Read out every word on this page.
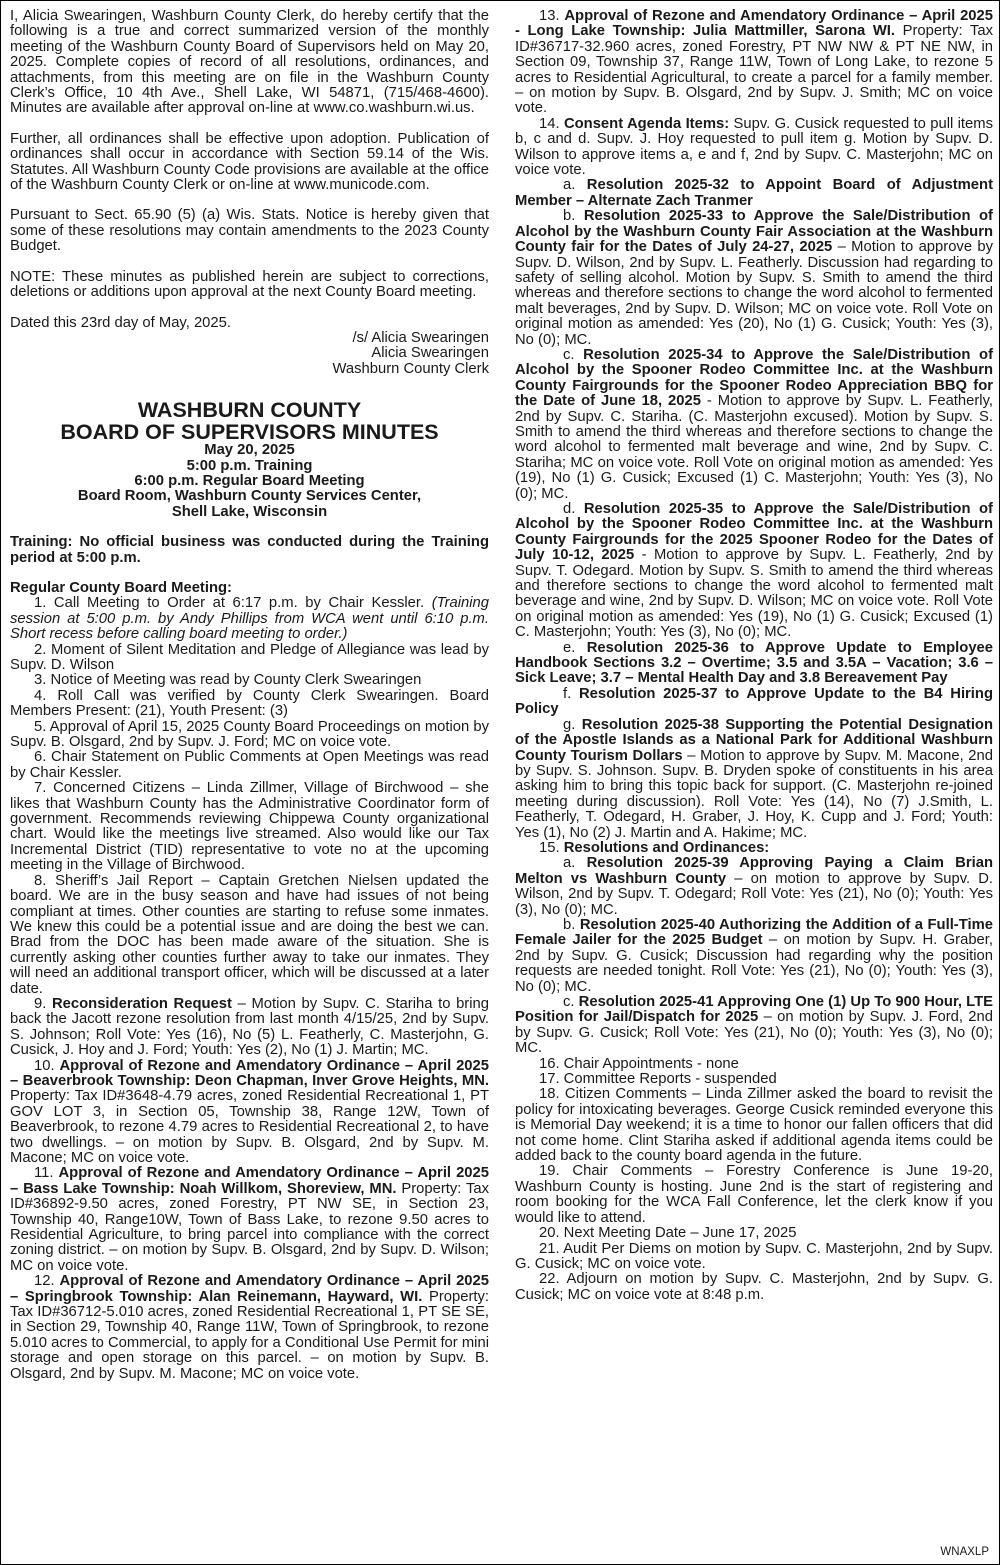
I, Alicia Swearingen, Washburn County Clerk, do hereby certify that the following is a true and correct summarized version of the monthly meeting of the Washburn County Board of Supervisors held on May 20, 2025. Complete copies of record of all resolutions, ordinances, and attachments, from this meeting are on file in the Washburn County Clerk’s Office, 10 4th Ave., Shell Lake, WI 54871, (715/468-4600). Minutes are available after approval on-line at www.co.washburn.wi.us.

Further, all ordinances shall be effective upon adoption. Publication of ordinances shall occur in accordance with Section 59.14 of the Wis. Statutes. All Washburn County Code provisions are available at the office of the Washburn County Clerk or on-line at www.municode.com.

Pursuant to Sect. 65.90 (5) (a) Wis. Stats. Notice is hereby given that some of these resolutions may contain amendments to the 2023 County Budget.

NOTE: These minutes as published herein are subject to corrections, deletions or additions upon approval at the next County Board meeting.

Dated this 23rd day of May, 2025.

/s/ Alicia Swearingen

Alicia Swearingen

Washburn County Clerk

WASHBURN COUNTY
BOARD OF SUPERVISORS MINUTES

May 20, 2025

5:00 p.m. Training

6:00 p.m. Regular Board Meeting

Board Room, Washburn County Services Center,

Shell Lake, Wisconsin

Training: No official business was conducted during the Training period at 5:00 p.m.

Regular County Board Meeting:

1. Call Meeting to Order at 6:17 p.m. by Chair Kessler. (Training session at 5:00 p.m. by Andy Phillips from WCA went until 6:10 p.m. Short recess before calling board meeting to order.)

2. Moment of Silent Meditation and Pledge of Allegiance was lead by Supv. D. Wilson

3. Notice of Meeting was read by County Clerk Swearingen

4. Roll Call was verified by County Clerk Swearingen. Board Members Present: (21), Youth Present: (3)

5. Approval of April 15, 2025 County Board Proceedings on motion by Supv. B. Olsgard, 2nd by Supv. J. Ford; MC on voice vote.

6. Chair Statement on Public Comments at Open Meetings was read by Chair Kessler.

7. Concerned Citizens – Linda Zillmer, Village of Birchwood – she likes that Washburn County has the Administrative Coordinator form of government. Recommends reviewing Chippewa County organizational chart. Would like the meetings live streamed. Also would like our Tax Incremental District (TID) representative to vote no at the upcoming meeting in the Village of Birchwood.

8. Sheriff’s Jail Report – Captain Gretchen Nielsen updated the board. We are in the busy season and have had issues of not being compliant at times. Other counties are starting to refuse some inmates. We knew this could be a potential issue and are doing the best we can. Brad from the DOC has been made aware of the situation. She is currently asking other counties further away to take our inmates. They will need an additional transport officer, which will be discussed at a later date.

9. Reconsideration Request – Motion by Supv. C. Stariha to bring back the Jacott rezone resolution from last month 4/15/25, 2nd by Supv. S. Johnson; Roll Vote: Yes (16), No (5) L. Featherly, C. Masterjohn, G. Cusick, J. Hoy and J. Ford; Youth: Yes (2), No (1) J. Martin; MC.

10. Approval of Rezone and Amendatory Ordinance – April 2025 – Beaverbrook Township: Deon Chapman, Inver Grove Heights, MN. Property: Tax ID#3648-4.79 acres, zoned Residential Recreational 1, PT GOV LOT 3, in Section 05, Township 38, Range 12W, Town of Beaverbrook, to rezone 4.79 acres to Residential Recreational 2, to have two dwellings. – on motion by Supv. B. Olsgard, 2nd by Supv. M. Macone; MC on voice vote.

11. Approval of Rezone and Amendatory Ordinance – April 2025 – Bass Lake Township: Noah Willkom, Shoreview, MN. Property: Tax ID#36892-9.50 acres, zoned Forestry, PT NW SE, in Section 23, Township 40, Range10W, Town of Bass Lake, to rezone 9.50 acres to Residential Agriculture, to bring parcel into compliance with the correct zoning district. – on motion by Supv. B. Olsgard, 2nd by Supv. D. Wilson; MC on voice vote.

12. Approval of Rezone and Amendatory Ordinance – April 2025 – Springbrook Township: Alan Reinemann, Hayward, WI. Property: Tax ID#36712-5.010 acres, zoned Residential Recreational 1, PT SE SE, in Section 29, Township 40, Range 11W, Town of Springbrook, to rezone 5.010 acres to Commercial, to apply for a Conditional Use Permit for mini storage and open storage on this parcel. – on motion by Supv. B. Olsgard, 2nd by Supv. M. Macone; MC on voice vote.

13. Approval of Rezone and Amendatory Ordinance – April 2025 - Long Lake Township: Julia Mattmiller, Sarona WI. Property: Tax ID#36717-32.960 acres, zoned Forestry, PT NW NW & PT NE NW, in Section 09, Township 37, Range 11W, Town of Long Lake, to rezone 5 acres to Residential Agricultural, to create a parcel for a family member. – on motion by Supv. B. Olsgard, 2nd by Supv. J. Smith; MC on voice vote.

14. Consent Agenda Items: Supv. G. Cusick requested to pull items b, c and d. Supv. J. Hoy requested to pull item g. Motion by Supv. D. Wilson to approve items a, e and f, 2nd by Supv. C. Masterjohn; MC on voice vote.

a. Resolution 2025-32 to Appoint Board of Adjustment Member – Alternate Zach Tranmer

b. Resolution 2025-33 to Approve the Sale/Distribution of Alcohol by the Washburn County Fair Association at the Washburn County fair for the Dates of July 24-27, 2025 – Motion to approve by Supv. D. Wilson, 2nd by Supv. L. Featherly. Discussion had regarding to safety of selling alcohol. Motion by Supv. S. Smith to amend the third whereas and therefore sections to change the word alcohol to fermented malt beverages, 2nd by Supv. D. Wilson; MC on voice vote. Roll Vote on original motion as amended: Yes (20), No (1) G. Cusick; Youth: Yes (3), No (0); MC.

c. Resolution 2025-34 to Approve the Sale/Distribution of Alcohol by the Spooner Rodeo Committee Inc. at the Washburn County Fairgrounds for the Spooner Rodeo Appreciation BBQ for the Date of June 18, 2025 - Motion to approve by Supv. L. Featherly, 2nd by Supv. C. Stariha. (C. Masterjohn excused). Motion by Supv. S. Smith to amend the third whereas and therefore sections to change the word alcohol to fermented malt beverage and wine, 2nd by Supv. C. Stariha; MC on voice vote. Roll Vote on original motion as amended: Yes (19), No (1) G. Cusick; Excused (1) C. Masterjohn; Youth: Yes (3), No (0); MC.

d. Resolution 2025-35 to Approve the Sale/Distribution of Alcohol by the Spooner Rodeo Committee Inc. at the Washburn County Fairgrounds for the 2025 Spooner Rodeo for the Dates of July 10-12, 2025 - Motion to approve by Supv. L. Featherly, 2nd by Supv. T. Odegard. Motion by Supv. S. Smith to amend the third whereas and therefore sections to change the word alcohol to fermented malt beverage and wine, 2nd by Supv. D. Wilson; MC on voice vote. Roll Vote on original motion as amended: Yes (19), No (1) G. Cusick; Excused (1) C. Masterjohn; Youth: Yes (3), No (0); MC.

e. Resolution 2025-36 to Approve Update to Employee Handbook Sections 3.2 – Overtime; 3.5 and 3.5A – Vacation; 3.6 – Sick Leave; 3.7 – Mental Health Day and 3.8 Bereavement Pay

f. Resolution 2025-37 to Approve Update to the B4 Hiring Policy

g. Resolution 2025-38 Supporting the Potential Designation of the Apostle Islands as a National Park for Additional Washburn County Tourism Dollars – Motion to approve by Supv. M. Macone, 2nd by Supv. S. Johnson. Supv. B. Dryden spoke of constituents in his area asking him to bring this topic back for support. (C. Masterjohn re-joined meeting during discussion). Roll Vote: Yes (14), No (7) J.Smith, L. Featherly, T. Odegard, H. Graber, J. Hoy, K. Cupp and J. Ford; Youth: Yes (1), No (2) J. Martin and A. Hakime; MC.

15. Resolutions and Ordinances:

a. Resolution 2025-39 Approving Paying a Claim Brian Melton vs Washburn County – on motion to approve by Supv. D. Wilson, 2nd by Supv. T. Odegard; Roll Vote: Yes (21), No (0); Youth: Yes (3), No (0); MC.

b. Resolution 2025-40 Authorizing the Addition of a Full-Time Female Jailer for the 2025 Budget – on motion by Supv. H. Graber, 2nd by Supv. G. Cusick; Discussion had regarding why the position requests are needed tonight. Roll Vote: Yes (21), No (0); Youth: Yes (3), No (0); MC.

c. Resolution 2025-41 Approving One (1) Up To 900 Hour, LTE Position for Jail/Dispatch for 2025 – on motion by Supv. J. Ford, 2nd by Supv. G. Cusick; Roll Vote: Yes (21), No (0); Youth: Yes (3), No (0); MC.

16. Chair Appointments - none

17. Committee Reports - suspended

18. Citizen Comments – Linda Zillmer asked the board to revisit the policy for intoxicating beverages. George Cusick reminded everyone this is Memorial Day weekend; it is a time to honor our fallen officers that did not come home. Clint Stariha asked if additional agenda items could be added back to the county board agenda in the future.

19. Chair Comments – Forestry Conference is June 19-20, Washburn County is hosting. June 2nd is the start of registering and room booking for the WCA Fall Conference, let the clerk know if you would like to attend.

20. Next Meeting Date – June 17, 2025

21. Audit Per Diems on motion by Supv. C. Masterjohn, 2nd by Supv. G. Cusick; MC on voice vote.

22. Adjourn on motion by Supv. C. Masterjohn, 2nd by Supv. G. Cusick; MC on voice vote at 8:48 p.m.

WNAXLP
